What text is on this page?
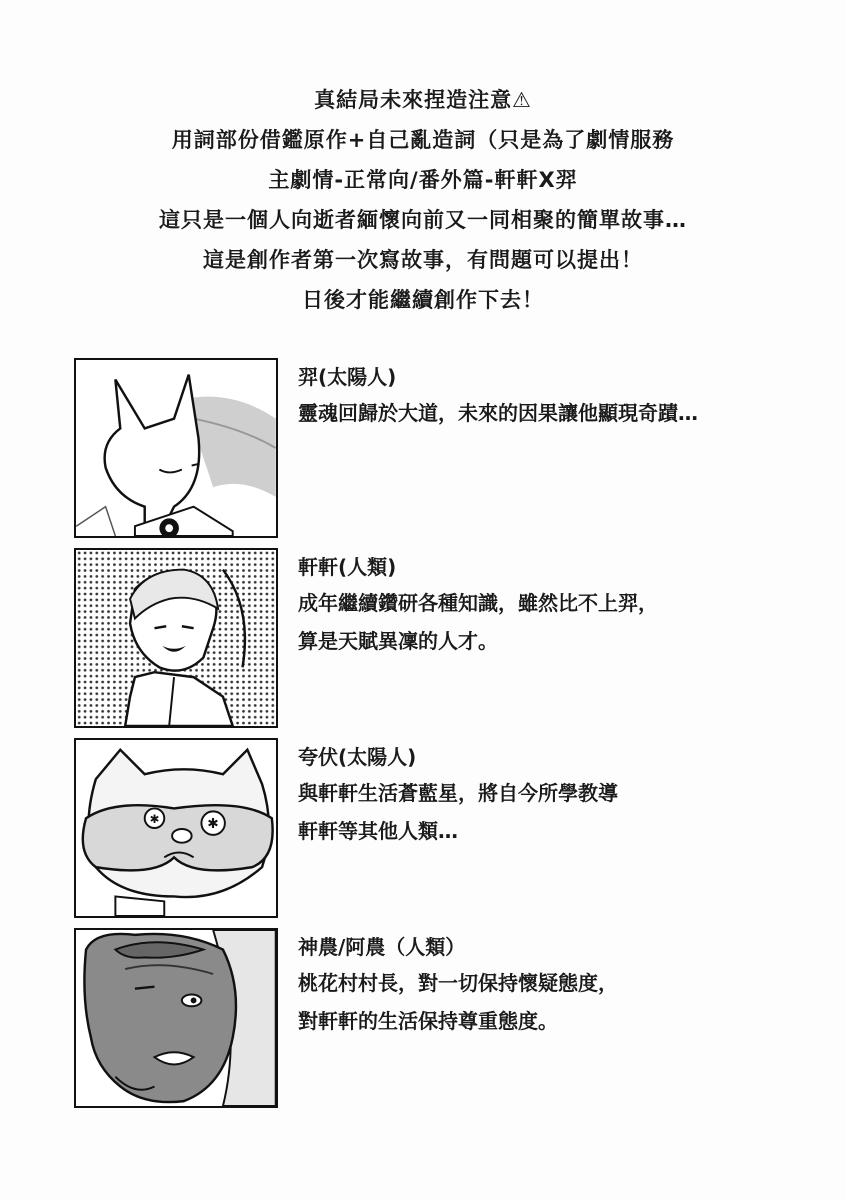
真結局未來捏造注意⚠
用詞部份借鑑原作+自己亂造詞（只是為了劇情服務
主劇情-正常向/番外篇-軒軒X羿
這只是一個人向逝者緬懷向前又一同相聚的簡單故事…
這是創作者第一次寫故事，有問題可以提出！
日後才能繼續創作下去！
羿(太陽人)
靈魂回歸於大道，未來的因果讓他顯現奇蹟…
軒軒(人類)
成年繼續鑽研各種知識，雖然比不上羿，
算是天賦異凜的人才。
✱	✱
夸伏(太陽人)
與軒軒生活蒼藍星，將自今所學教導
軒軒等其他人類…
神農/阿農（人類）
桃花村村長，對一切保持懷疑態度，
對軒軒的生活保持尊重態度。
